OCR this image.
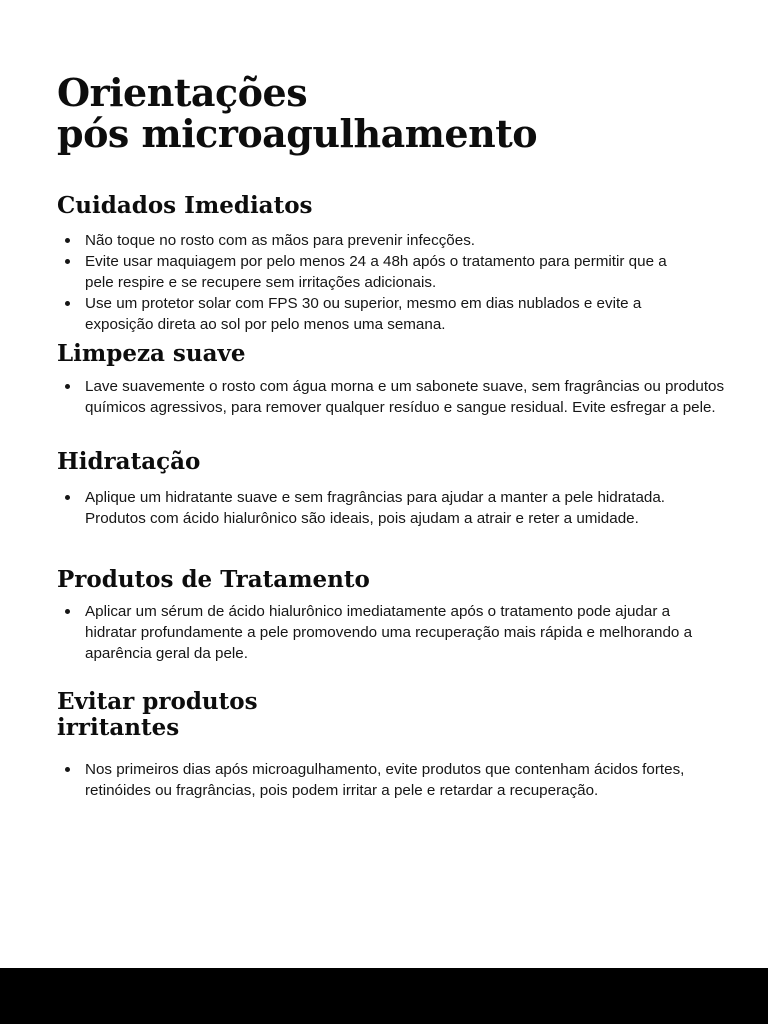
Orientações
pós microagulhamento
Cuidados Imediatos
Não toque no rosto com as mãos para prevenir infecções.
Evite usar maquiagem por pelo menos 24 a 48h após o tratamento para permitir que a pele respire e se recupere sem irritações adicionais.
Use um protetor solar com FPS 30 ou superior, mesmo em dias nublados e evite a exposição direta ao sol por pelo menos uma semana.
Limpeza suave
Lave suavemente o rosto com água morna e um sabonete suave, sem fragrâncias ou produtos químicos agressivos, para remover qualquer resíduo e sangue residual. Evite esfregar a pele.
Hidratação
Aplique um hidratante suave e sem fragrâncias para ajudar a manter a pele hidratada. Produtos com ácido hialurônico são ideais, pois ajudam a atrair e reter a umidade.
Produtos de Tratamento
Aplicar um sérum de ácido hialurônico imediatamente após o tratamento pode ajudar a hidratar profundamente a pele promovendo uma recuperação mais rápida e melhorando a aparência geral da pele.
Evitar produtos
irritantes
Nos primeiros dias após microagulhamento, evite produtos que contenham ácidos fortes, retinóides ou fragrâncias, pois podem irritar a pele e retardar a recuperação.
